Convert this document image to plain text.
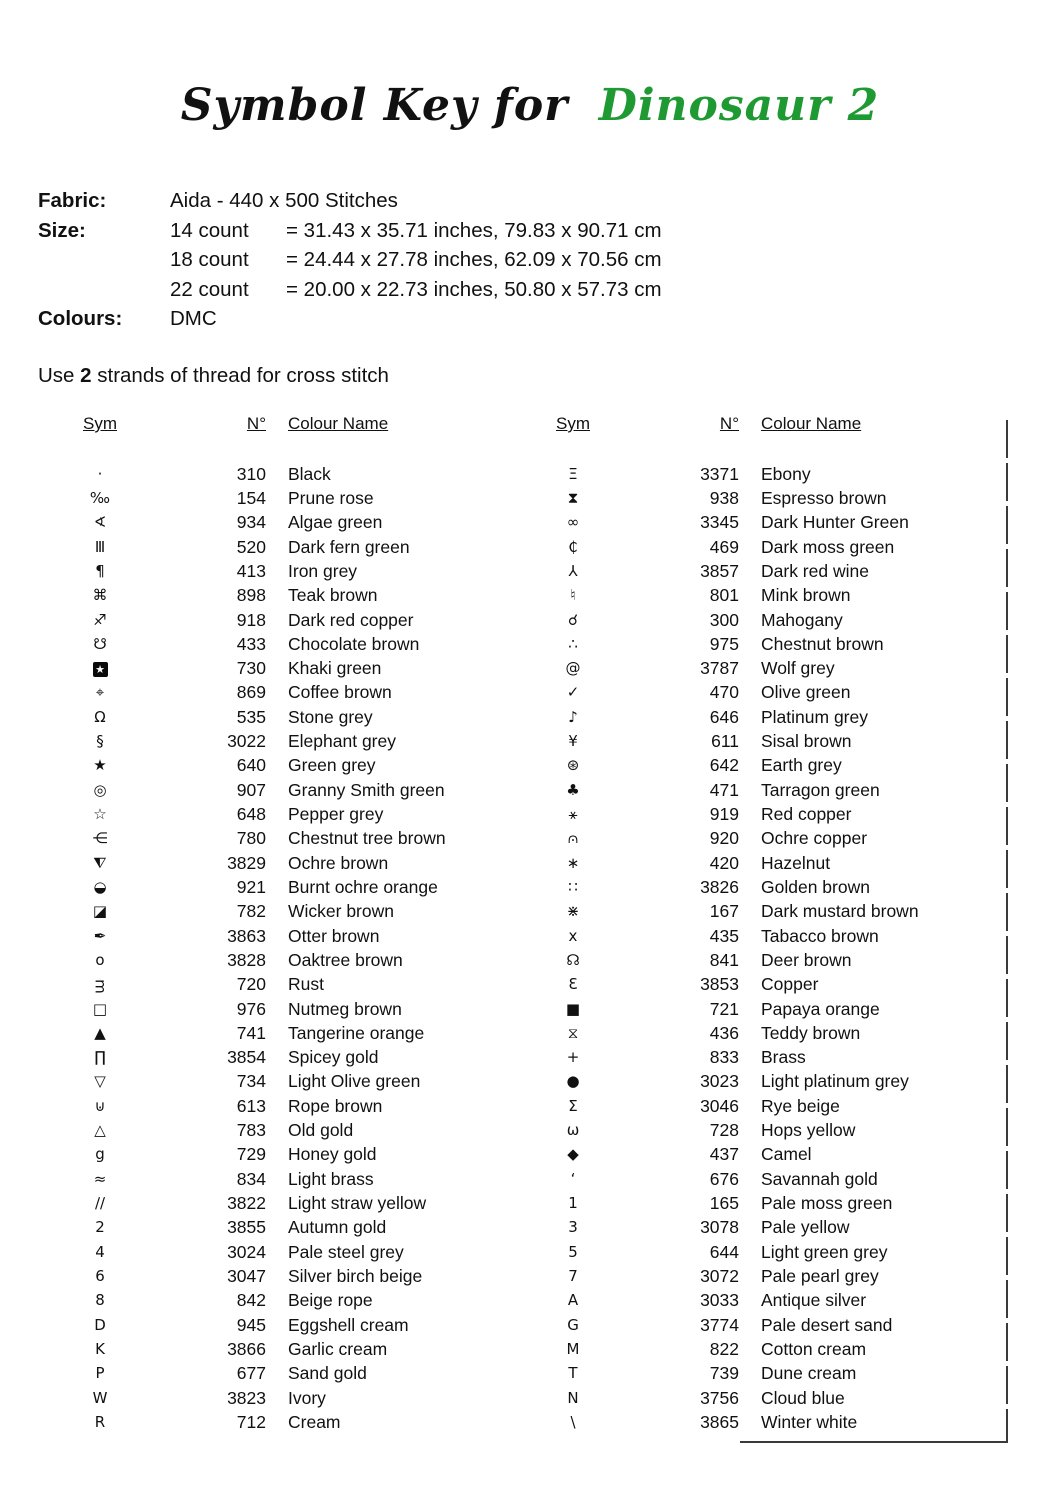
Symbol Key for Dinosaur 2
Fabric:	Aida - 440 x 500 Stitches
Size:	14 count = 31.43 x 35.71 inches, 79.83 x 90.71 cm
18 count = 24.44 x 27.78 inches, 62.09 x 70.56 cm
22 count = 20.00 x 22.73 inches, 50.80 x 57.73 cm
Colours:	DMC
Use 2 strands of thread for cross stitch
Sym	N°	Colour Name
·	310	Black
‰	154	Prune rose
∢	934	Algae green
Ⅲ	520	Dark fern green
¶	413	Iron grey
⌘	898	Teak brown
♐	918	Dark red copper
☋	433	Chocolate brown
★	730	Khaki green
⌖	869	Coffee brown
Ω	535	Stone grey
§	3022	Elephant grey
★	640	Green grey
◎	907	Granny Smith green
☆	648	Pepper grey
⋲	780	Chestnut tree brown
⧨	3829	Ochre brown
◒	921	Burnt ochre orange
◪	782	Wicker brown
✒	3863	Otter brown
o	3828	Oaktree brown
ᴟ	720	Rust
□	976	Nutmeg brown
▲	741	Tangerine orange
∏	3854	Spicey gold
▽	734	Light Olive green
⊍	613	Rope brown
△	783	Old gold
g	729	Honey gold
≈	834	Light brass
∕∕	3822	Light straw yellow
2	3855	Autumn gold
4	3024	Pale steel grey
6	3047	Silver birch beige
8	842	Beige rope
D	945	Eggshell cream
K	3866	Garlic cream
P	677	Sand gold
W	3823	Ivory
R	712	Cream
Sym	N°	Colour Name
Ξ	3371	Ebony
⧗	938	Espresso brown
∞	3345	Dark Hunter Green
₵	469	Dark moss green
⅄	3857	Dark red wine
♮	801	Mink brown
☌	300	Mahogany
∴	975	Chestnut brown
@	3787	Wolf grey
✓	470	Olive green
♪	646	Platinum grey
¥	611	Sisal brown
⊛	642	Earth grey
♣	471	Tarragon green
⚹	919	Red copper
⩀	920	Ochre copper
∗	420	Hazelnut
∷	3826	Golden brown
⋇	167	Dark mustard brown
x	435	Tabacco brown
☊	841	Deer brown
Ɛ	3853	Copper
■	721	Papaya orange
⧖	436	Teddy brown
+	833	Brass
●	3023	Light platinum grey
Σ	3046	Rye beige
ω	728	Hops yellow
◆	437	Camel
‘	676	Savannah gold
1	165	Pale moss green
3	3078	Pale yellow
5	644	Light green grey
7	3072	Pale pearl grey
A	3033	Antique silver
G	3774	Pale desert sand
M	822	Cotton cream
T	739	Dune cream
N	3756	Cloud blue
\	3865	Winter white
